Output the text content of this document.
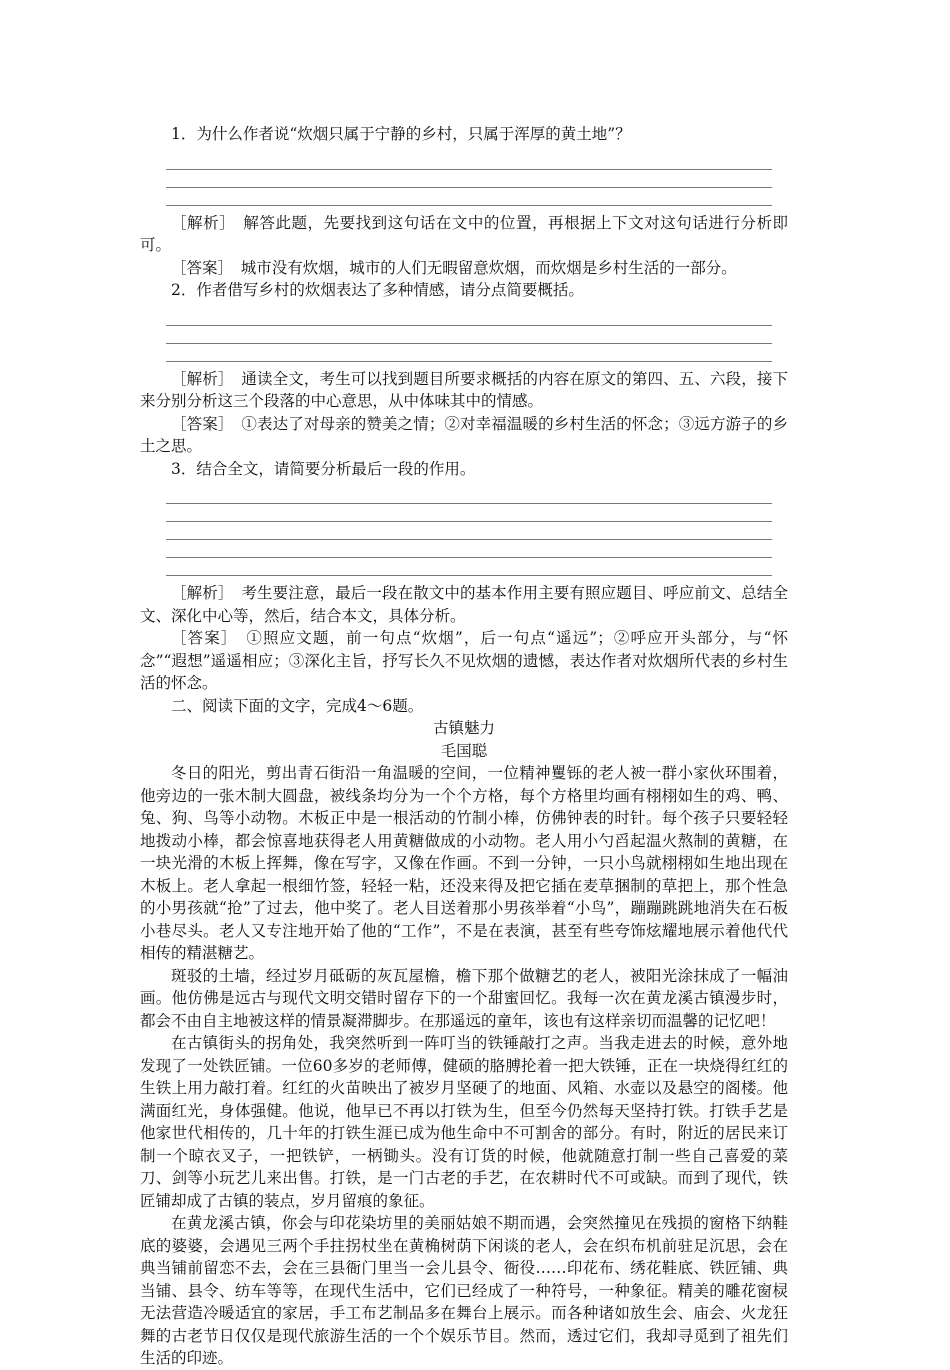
1．为什么作者说“炊烟只属于宁静的乡村，只属于浑厚的黄土地”？

［解析］　解答此题，先要找到这句话在文中的位置，再根据上下文对这句话进行分析即可。

［答案］　城市没有炊烟，城市的人们无暇留意炊烟，而炊烟是乡村生活的一部分。

2．作者借写乡村的炊烟表达了多种情感，请分点简要概括。

［解析］　通读全文，考生可以找到题目所要求概括的内容在原文的第四、五、六段，接下来分别分析这三个段落的中心意思，从中体味其中的情感。

［答案］　①表达了对母亲的赞美之情；②对幸福温暖的乡村生活的怀念；③远方游子的乡土之思。

3．结合全文，请简要分析最后一段的作用。

［解析］　考生要注意，最后一段在散文中的基本作用主要有照应题目、呼应前文、总结全文、深化中心等，然后，结合本文，具体分析。

［答案］　①照应文题，前一句点“炊烟”，后一句点“遥远”；②呼应开头部分，与“怀念”“遐想”遥遥相应；③深化主旨，抒写长久不见炊烟的遗憾，表达作者对炊烟所代表的乡村生活的怀念。

二、阅读下面的文字，完成4～6题。

古镇魅力

毛国聪

冬日的阳光，剪出青石街沿一角温暖的空间，一位精神矍铄的老人被一群小家伙环围着，他旁边的一张木制大圆盘，被线条均分为一个个方格，每个方格里均画有栩栩如生的鸡、鸭、兔、狗、鸟等小动物。木板正中是一根活动的竹制小棒，仿佛钟表的时针。每个孩子只要轻轻地拨动小棒，都会惊喜地获得老人用黄糖做成的小动物。老人用小勺舀起温火熬制的黄糖，在一块光滑的木板上挥舞，像在写字，又像在作画。不到一分钟，一只小鸟就栩栩如生地出现在木板上。老人拿起一根细竹签，轻轻一粘，还没来得及把它插在麦草捆制的草把上，那个性急的小男孩就“抢”了过去，他中奖了。老人目送着那小男孩举着“小鸟”，蹦蹦跳跳地消失在石板小巷尽头。老人又专注地开始了他的“工作”，不是在表演，甚至有些夸饰炫耀地展示着他代代相传的精湛糖艺。

斑驳的土墙，经过岁月砥砺的灰瓦屋檐，檐下那个做糖艺的老人，被阳光涂抹成了一幅油画。他仿佛是远古与现代文明交错时留存下的一个甜蜜回忆。我每一次在黄龙溪古镇漫步时，都会不由自主地被这样的情景凝滞脚步。在那遥远的童年，该也有这样亲切而温馨的记忆吧！

在古镇街头的拐角处，我突然听到一阵叮当的铁锤敲打之声。当我走进去的时候，意外地发现了一处铁匠铺。一位60多岁的老师傅，健硕的胳膊抡着一把大铁锤，正在一块烧得红红的生铁上用力敲打着。红红的火苗映出了被岁月坚硬了的地面、风箱、水壶以及悬空的阁楼。他满面红光，身体强健。他说，他早已不再以打铁为生，但至今仍然每天坚持打铁。打铁手艺是他家世代相传的，几十年的打铁生涯已成为他生命中不可割舍的部分。有时，附近的居民来订制一个晾衣叉子，一把铁铲，一柄锄头。没有订货的时候，他就随意打制一些自己喜爱的菜刀、剑等小玩艺儿来出售。打铁，是一门古老的手艺，在农耕时代不可或缺。而到了现代，铁匠铺却成了古镇的装点，岁月留痕的象征。

在黄龙溪古镇，你会与印花染坊里的美丽姑娘不期而遇，会突然撞见在残损的窗格下纳鞋底的婆婆，会遇见三两个手拄拐杖坐在黄桷树荫下闲谈的老人，会在织布机前驻足沉思，会在典当铺前留恋不去，会在三县衙门里当一会儿县令、衙役……印花布、绣花鞋底、铁匠铺、典当铺、县令、纺车等等，在现代生活中，它们已经成了一种符号，一种象征。精美的雕花窗棂无法营造冷暖适宜的家居，手工布艺制品多在舞台上展示。而各种诸如放生会、庙会、火龙狂舞的古老节日仅仅是现代旅游生活的一个个娱乐节目。然而，透过它们，我却寻觅到了祖先们生活的印迹。
